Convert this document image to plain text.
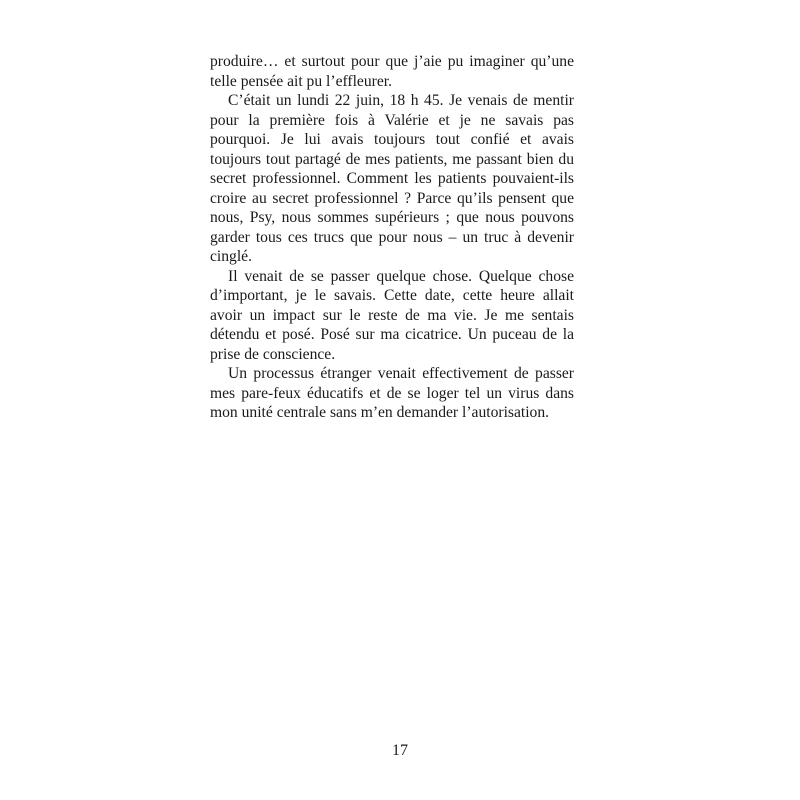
produire… et surtout pour que j’aie pu imaginer qu’une telle pensée ait pu l’effleurer.

C’était un lundi 22 juin, 18 h 45. Je venais de mentir pour la première fois à Valérie et je ne savais pas pourquoi. Je lui avais toujours tout confié et avais toujours tout partagé de mes patients, me passant bien du secret professionnel. Comment les patients pouvaient-ils croire au secret professionnel ? Parce qu’ils pensent que nous, Psy, nous sommes supérieurs ; que nous pouvons garder tous ces trucs que pour nous – un truc à devenir cinglé.

Il venait de se passer quelque chose. Quelque chose d’important, je le savais. Cette date, cette heure allait avoir un impact sur le reste de ma vie. Je me sentais détendu et posé. Posé sur ma cicatrice. Un puceau de la prise de conscience.

Un processus étranger venait effectivement de passer mes pare-feux éducatifs et de se loger tel un virus dans mon unité centrale sans m’en demander l’autorisation.

17
